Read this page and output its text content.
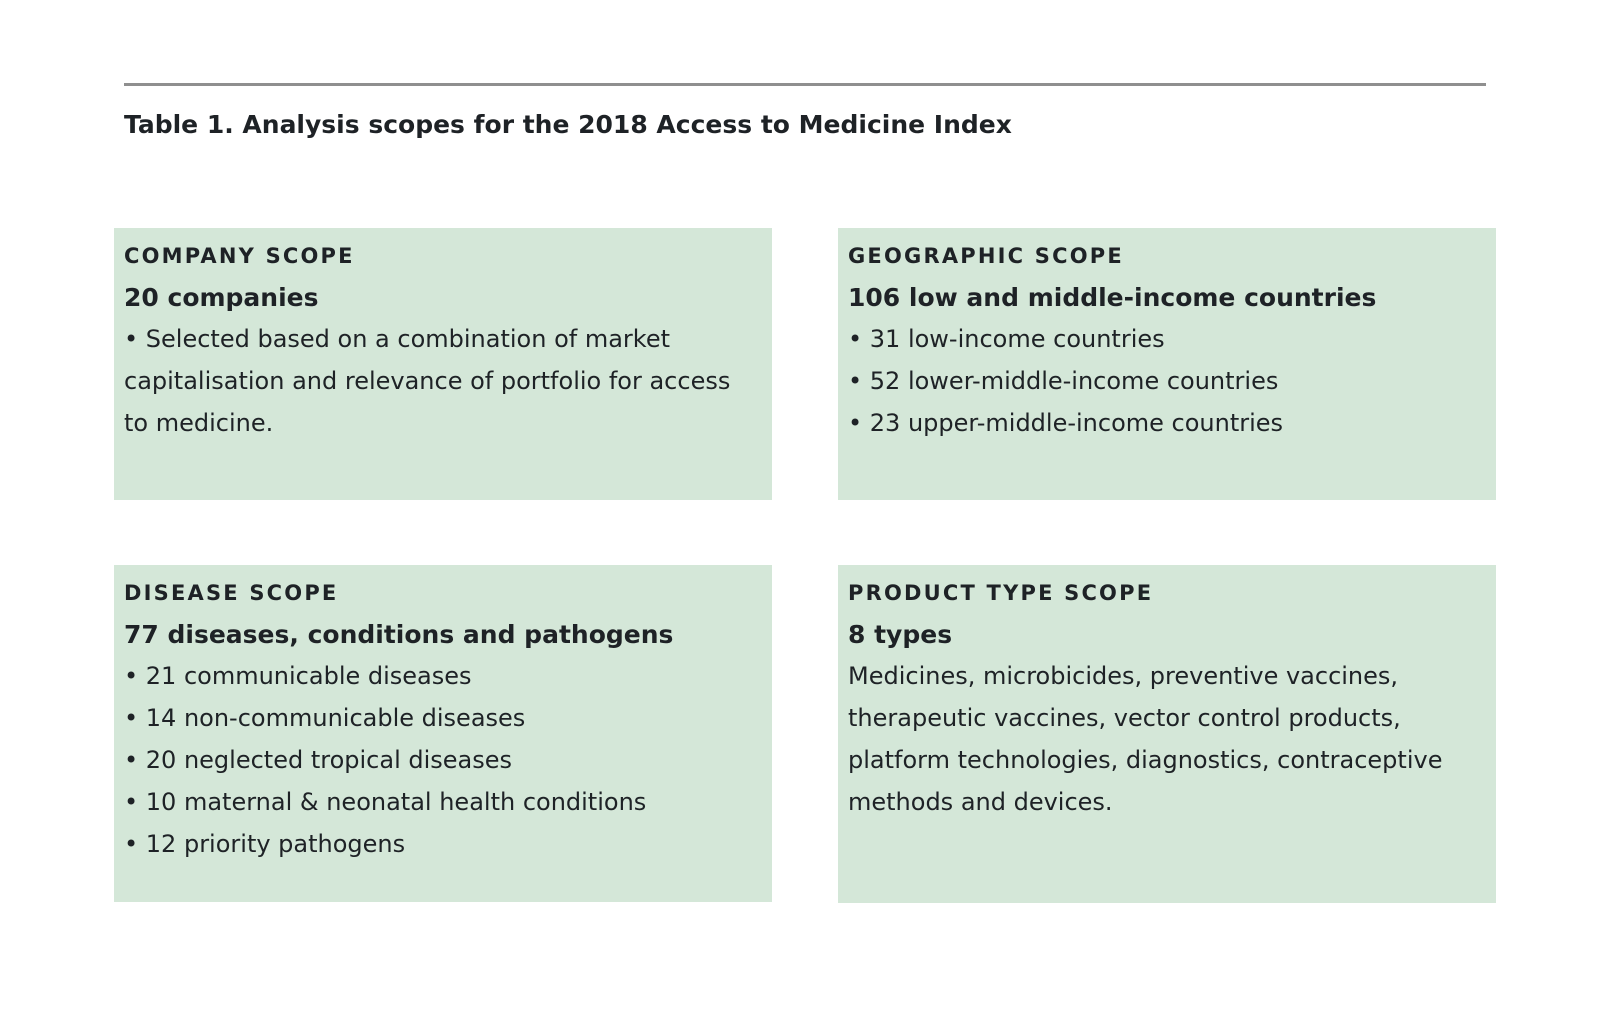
Table 1. Analysis scopes for the 2018 Access to Medicine Index
COMPANY SCOPE
20 companies
• Selected based on a combination of market capitalisation and relevance of portfolio for access to medicine.
GEOGRAPHIC SCOPE
106 low and middle-income countries
• 31 low-income countries
• 52 lower-middle-income countries
• 23 upper-middle-income countries
DISEASE SCOPE
77 diseases, conditions and pathogens
• 21 communicable diseases
• 14 non-communicable diseases
• 20 neglected tropical diseases
• 10 maternal & neonatal health conditions
• 12 priority pathogens
PRODUCT TYPE SCOPE
8 types
Medicines, microbicides, preventive vaccines, therapeutic vaccines, vector control products, platform technologies, diagnostics, contraceptive methods and devices.
